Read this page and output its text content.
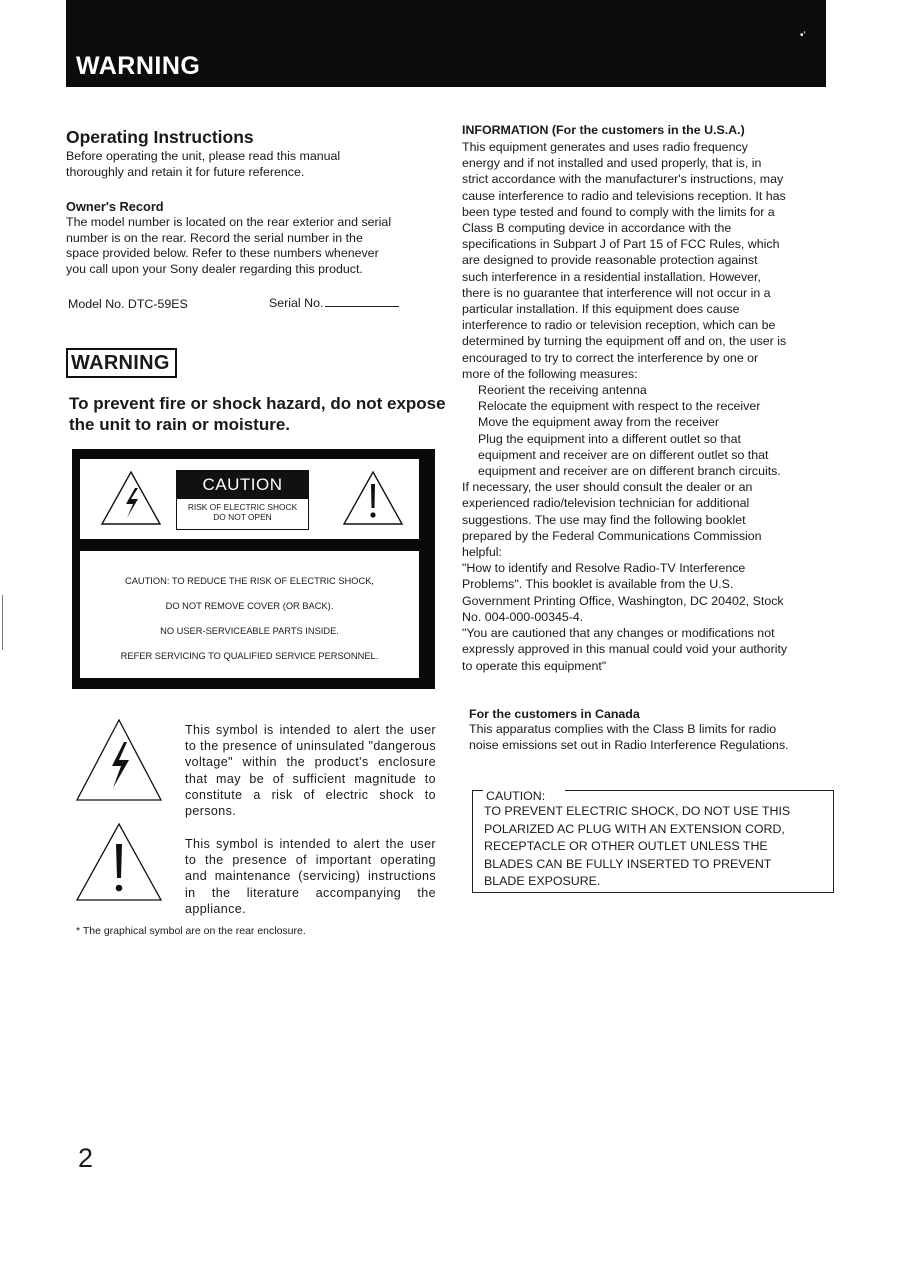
WARNING
•‘
Operating Instructions
Before operating the unit, please read this manual
thoroughly and retain it for future reference.
Owner's Record
The model number is located on the rear exterior and serial
number is on the rear. Record the serial number in the
space provided below. Refer to these numbers whenever
you call upon your Sony dealer regarding this product.
Model No. DTC-59ES	Serial No.
WARNING
To prevent fire or shock hazard, do not expose the unit to rain or moisture.
CAUTION
RISK OF ELECTRIC SHOCK
DO NOT OPEN
CAUTION: TO REDUCE THE RISK OF ELECTRIC SHOCK,
DO NOT REMOVE COVER (OR BACK).
NO USER-SERVICEABLE PARTS INSIDE.
REFER SERVICING TO QUALIFIED SERVICE PERSONNEL.
This symbol is intended to alert the user to the presence of uninsulated "dangerous voltage" within the product's enclosure that may be of sufficient magnitude to constitute a risk of electric shock to persons.
This symbol is intended to alert the user to the presence of important operating and maintenance (servicing) instructions in the literature accompanying the appliance.
* The graphical symbol are on the rear enclosure.
INFORMATION (For the customers in the U.S.A.)
This equipment generates and uses radio frequency
energy and if not installed and used properly, that is, in
strict accordance with the manufacturer's instructions, may
cause interference to radio and televisions reception. It has
been type tested and found to comply with the limits for a
Class B computing device in accordance with the
specifications in Subpart J of Part 15 of FCC Rules, which
are designed to provide reasonable protection against
such interference in a residential installation. However,
there is no guarantee that interference will not occur in a
particular installation. If this equipment does cause
interference to radio or television reception, which can be
determined by turning the equipment off and on, the user is
encouraged to try to correct the interference by one or
more of the following measures:
Reorient the receiving antenna
Relocate the equipment with respect to the receiver
Move the equipment away from the receiver
Plug the equipment into a different outlet so that
equipment and receiver are on different outlet so that
equipment and receiver are on different branch circuits.
If necessary, the user should consult the dealer or an
experienced radio/television technician for additional
suggestions. The use may find the following booklet
prepared by the Federal Communications Commission
helpful:
"How to identify and Resolve Radio-TV Interference
Problems". This booklet is available from the U.S.
Government Printing Office, Washington, DC 20402, Stock
No. 004-000-00345-4.
"You are cautioned that any changes or modifications not
expressly approved in this manual could void your authority
to operate this equipment"
For the customers in Canada
This apparatus complies with the Class B limits for radio
noise emissions set out in Radio Interference Regulations.
CAUTION:
TO PREVENT ELECTRIC SHOCK, DO NOT USE THIS
POLARIZED AC PLUG WITH AN EXTENSION CORD,
RECEPTACLE OR OTHER OUTLET UNLESS THE
BLADES CAN BE FULLY INSERTED TO PREVENT
BLADE EXPOSURE.
2
